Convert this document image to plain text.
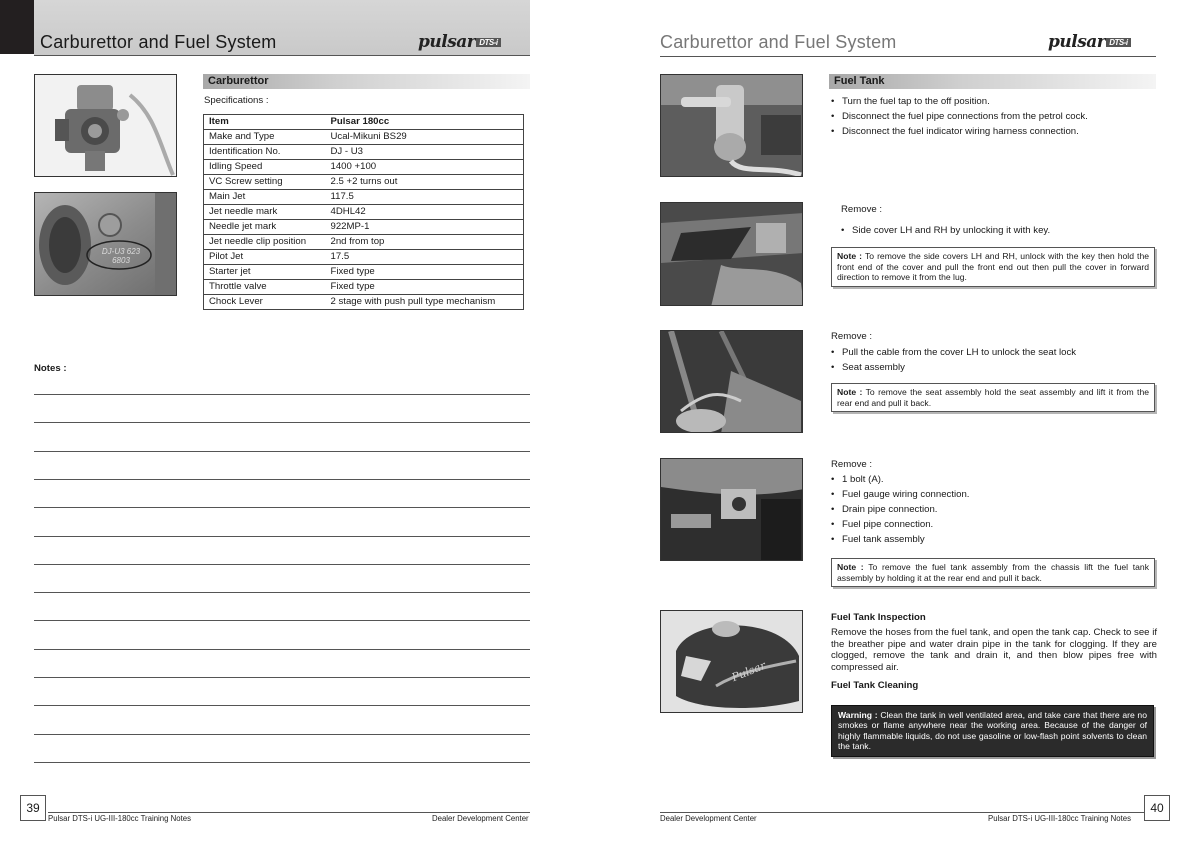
Carburettor and Fuel System	pulsar DTS-i
DJ-U3 623 6803
Carburettor
Specifications :
Item	Pulsar 180cc
Make and Type	Ucal-Mikuni BS29
Identification No.	DJ - U3
Idling Speed	1400 +100
VC Screw setting	2.5 +2 turns out
Main Jet	117.5
Jet needle mark	4DHL42
Needle jet mark	922MP-1
Jet needle clip position	2nd from top
Pilot Jet	17.5
Starter jet	Fixed type
Throttle valve	Fixed type
Chock Lever	2 stage with push pull type mechanism
Notes :
39
Pulsar DTS-i UG-III-180cc Training Notes	Dealer Development Center
Carburettor and Fuel System	pulsar DTS-i
Fuel Tank
• Turn the fuel tap to the off position.
• Disconnect the fuel pipe connections from the petrol cock.
• Disconnect the fuel indicator wiring harness connection.
Remove :
• Side cover LH and RH by unlocking it with key.
Note : To remove the side covers LH and RH, unlock with the key then hold the front end of the cover and pull the front end out then pull the cover in forward direction to remove it from the lug.
Remove :
• Pull the cable from the cover LH to unlock the seat lock
• Seat assembly
Note : To remove the seat assembly hold the seat assembly and lift it from the rear end and pull it back.
Remove :
• 1 bolt (A).
• Fuel gauge wiring connection.
• Drain pipe connection.
• Fuel pipe connection.
• Fuel tank assembly
Note : To remove the fuel tank assembly from the chassis lift the fuel tank assembly by holding it at the rear end and pull it back.
Pulsar
Fuel Tank Inspection
Remove the hoses from the fuel tank, and open the tank cap. Check to see if the breather pipe and water drain pipe in the tank for clogging. If they are clogged, remove the tank and drain it, and then blow pipes free with compressed air.
Fuel Tank Cleaning
Warning : Clean the tank in well ventilated area, and take care that there are no smokes or flame anywhere near the working area. Because of the danger of highly flammable liquids, do not use gasoline or low-flash point solvents to clean the tank.
40
Dealer Development Center	Pulsar DTS-i UG-III-180cc Training Notes
